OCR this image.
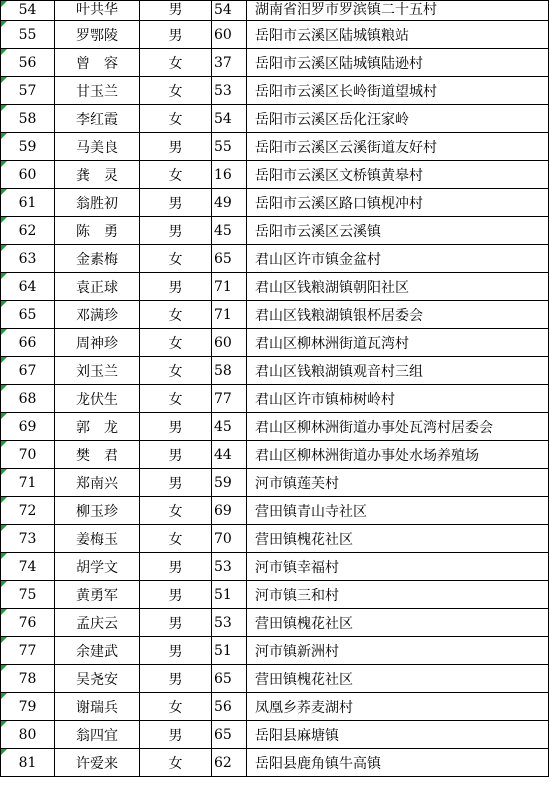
54	叶共华	男	54	湖南省汨罗市罗滨镇二十五村
55	罗鄂陵	男	60	岳阳市云溪区陆城镇粮站
56	曾　容	女	37	岳阳市云溪区陆城镇陆逊村
57	甘玉兰	女	53	岳阳市云溪区长岭街道望城村
58	李红霞	女	54	岳阳市云溪区岳化汪家岭
59	马美良	男	55	岳阳市云溪区云溪街道友好村
60	龚　灵	女	16	岳阳市云溪区文桥镇黄皋村
61	翁胜初	男	49	岳阳市云溪区路口镇枧冲村
62	陈　勇	男	45	岳阳市云溪区云溪镇
63	金素梅	女	65	君山区许市镇金盆村
64	袁正球	男	71	君山区钱粮湖镇朝阳社区
65	邓满珍	女	71	君山区钱粮湖镇银杯居委会
66	周神珍	女	60	君山区柳林洲街道瓦湾村
67	刘玉兰	女	58	君山区钱粮湖镇观音村三组
68	龙伏生	女	77	君山区许市镇柿树岭村
69	郭　龙	男	45	君山区柳林洲街道办事处瓦湾村居委会
70	樊　君	男	44	君山区柳林洲街道办事处水场养殖场
71	郑南兴	男	59	河市镇莲芙村
72	柳玉珍	女	69	营田镇青山寺社区
73	姜梅玉	女	70	营田镇槐花社区
74	胡学文	男	53	河市镇幸福村
75	黄勇军	男	51	河市镇三和村
76	孟庆云	男	53	营田镇槐花社区
77	余建武	男	51	河市镇新洲村
78	吴尧安	男	65	营田镇槐花社区
79	谢瑞兵	女	56	凤凰乡荞麦湖村
80	翁四宜	男	65	岳阳县麻塘镇
81	许爱来	女	62	岳阳县鹿角镇牛高镇
